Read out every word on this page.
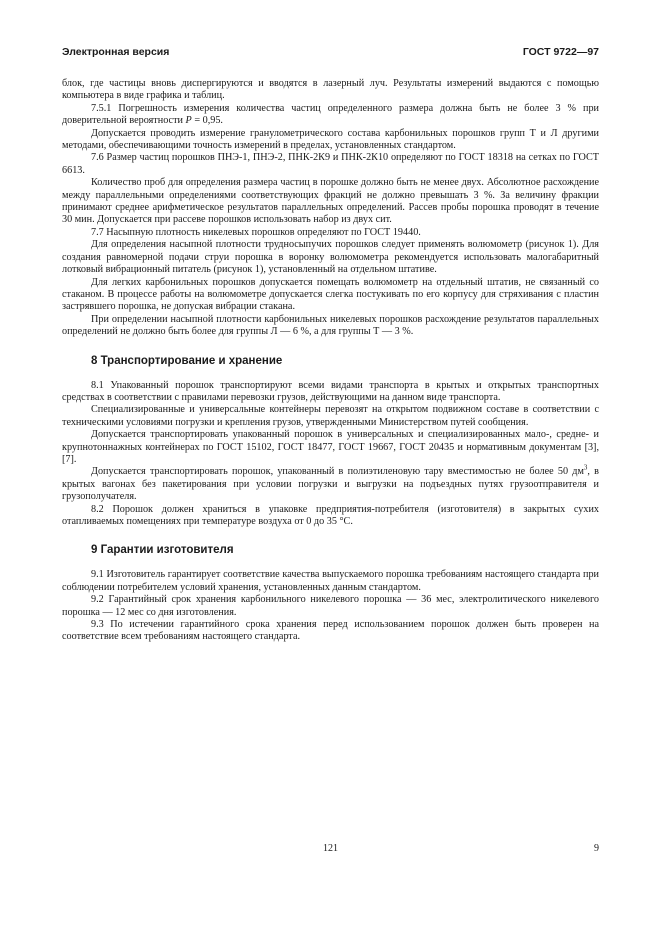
Электронная версия	ГОСТ 9722—97

блок, где частицы вновь диспергируются и вводятся в лазерный луч. Результаты измерений выдаются с помощью компьютера в виде графика и таблиц.

7.5.1 Погрешность измерения количества частиц определенного размера должна быть не более 3 % при доверительной вероятности P = 0,95.

Допускается проводить измерение гранулометрического состава карбонильных порошков групп Т и Л другими методами, обеспечивающими точность измерений в пределах, установленных стандартом.

7.6 Размер частиц порошков ПНЭ-1, ПНЭ-2, ПНК-2К9 и ПНК-2К10 определяют по ГОСТ 18318 на сетках по ГОСТ 6613.

Количество проб для определения размера частиц в порошке должно быть не менее двух. Абсолютное расхождение между параллельными определениями соответствующих фракций не должно превышать 3 %. За величину фракции принимают среднее арифметическое результатов параллельных определений. Рассев пробы порошка проводят в течение 30 мин. Допускается при рассеве порошков использовать набор из двух сит.

7.7 Насыпную плотность никелевых порошков определяют по ГОСТ 19440.

Для определения насыпной плотности трудносыпучих порошков следует применять волюмометр (рисунок 1). Для создания равномерной подачи струи порошка в воронку волюмометра рекомендуется использовать малогабаритный лотковый вибрационный питатель (рисунок 1), установленный на отдельном штативе.

Для легких карбонильных порошков допускается помещать волюмометр на отдельный штатив, не связанный со стаканом. В процессе работы на волюмометре допускается слегка постукивать по его корпусу для стряхивания с пластин застрявшего порошка, не допуская вибрации стакана.

При определении насыпной плотности карбонильных никелевых порошков расхождение результатов параллельных определений не должно быть более для группы Л — 6 %, а для группы Т — 3 %.

8 Транспортирование и хранение

8.1 Упакованный порошок транспортируют всеми видами транспорта в крытых и открытых транспортных средствах в соответствии с правилами перевозки грузов, действующими на данном виде транспорта.

Специализированные и универсальные контейнеры перевозят на открытом подвижном составе в соответствии с техническими условиями погрузки и крепления грузов, утвержденными Министерством путей сообщения.

Допускается транспортировать упакованный порошок в универсальных и специализированных мало-, средне- и крупнотоннажных контейнерах по ГОСТ 15102, ГОСТ 18477, ГОСТ 19667, ГОСТ 20435 и нормативным документам [3], [7].

Допускается транспортировать порошок, упакованный в полиэтиленовую тару вместимостью не более 50 $дм^3$, в крытых вагонах без пакетирования при условии погрузки и выгрузки на подъездных путях грузоотправителя и грузополучателя.

8.2 Порошок должен храниться в упаковке предприятия-потребителя (изготовителя) в закрытых сухих отапливаемых помещениях при температуре воздуха от 0 до 35 °С.

9 Гарантии изготовителя

9.1 Изготовитель гарантирует соответствие качества выпускаемого порошка требованиям настоящего стандарта при соблюдении потребителем условий хранения, установленных данным стандартом.

9.2 Гарантийный срок хранения карбонильного никелевого порошка — 36 мес, электролитического никелевого порошка — 12 мес со дня изготовления.

9.3 По истечении гарантийного срока хранения перед использованием порошок должен быть проверен на соответствие всем требованиям настоящего стандарта.

121	9
